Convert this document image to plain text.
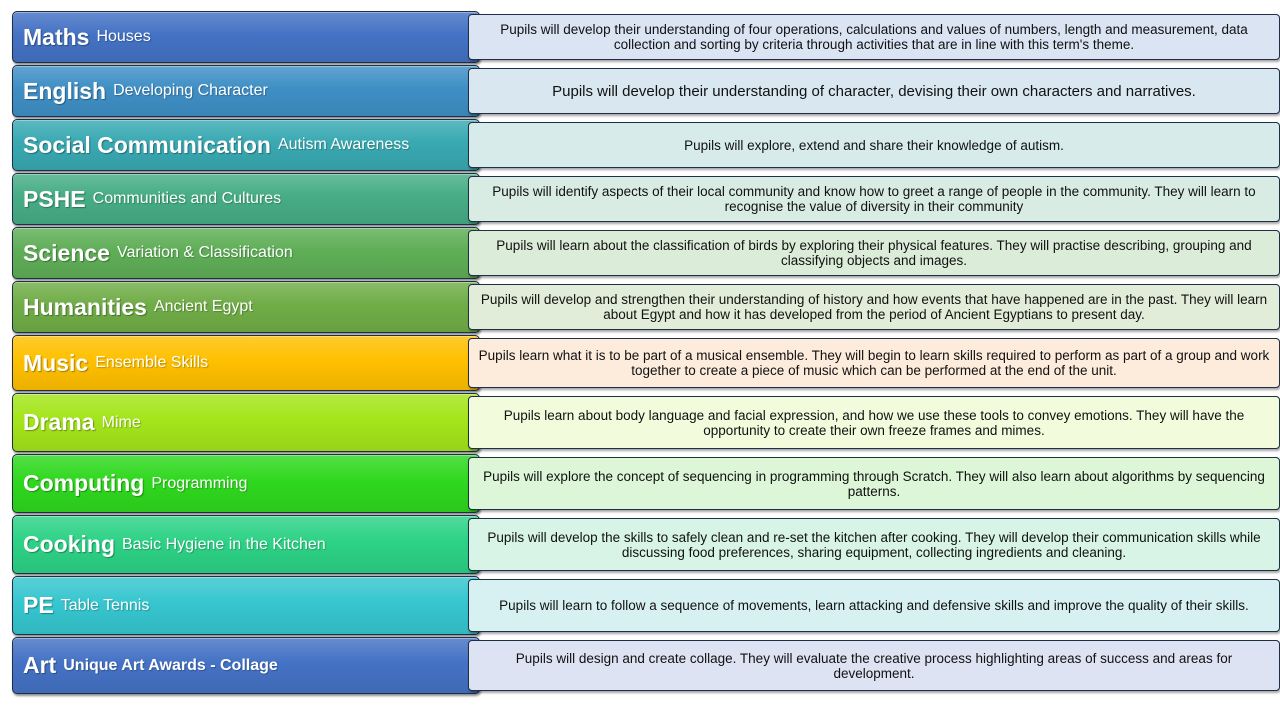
Maths Houses	Pupils will develop their understanding of four operations, calculations and values of numbers, length and measurement, data collection and sorting by criteria through activities that are in line with this term's theme.
English Developing Character	Pupils will develop their understanding of character, devising their own characters and narratives.
Social Communication Autism Awareness	Pupils will explore, extend and share their knowledge of autism.
PSHE Communities and Cultures	Pupils will identify aspects of their local community and know how to greet a range of people in the community. They will learn to recognise the value of diversity in their community
Science Variation & Classification	Pupils will learn about the classification of birds by exploring their physical features. They will practise describing, grouping and classifying objects and images.
Humanities Ancient Egypt	Pupils will develop and strengthen their understanding of history and how events that have happened are in the past. They will learn about Egypt and how it has developed from the period of Ancient Egyptians to present day.
Music Ensemble Skills	Pupils learn what it is to be part of a musical ensemble. They will begin to learn skills required to perform as part of a group and work together to create a piece of music which can be performed at the end of the unit.
Drama Mime	Pupils learn about body language and facial expression, and how we use these tools to convey emotions. They will have the opportunity to create their own freeze frames and mimes.
Computing Programming	Pupils will explore the concept of sequencing in programming through Scratch. They will also learn about algorithms by sequencing patterns.
Cooking Basic Hygiene in the Kitchen	Pupils will develop the skills to safely clean and re-set the kitchen after cooking. They will develop their communication skills while discussing food preferences, sharing equipment, collecting ingredients and cleaning.
PE Table Tennis	Pupils will learn to follow a sequence of movements, learn attacking and defensive skills and improve the quality of their skills.
Art Unique Art Awards - Collage	Pupils will design and create collage. They will evaluate the creative process highlighting areas of success and areas for development.
